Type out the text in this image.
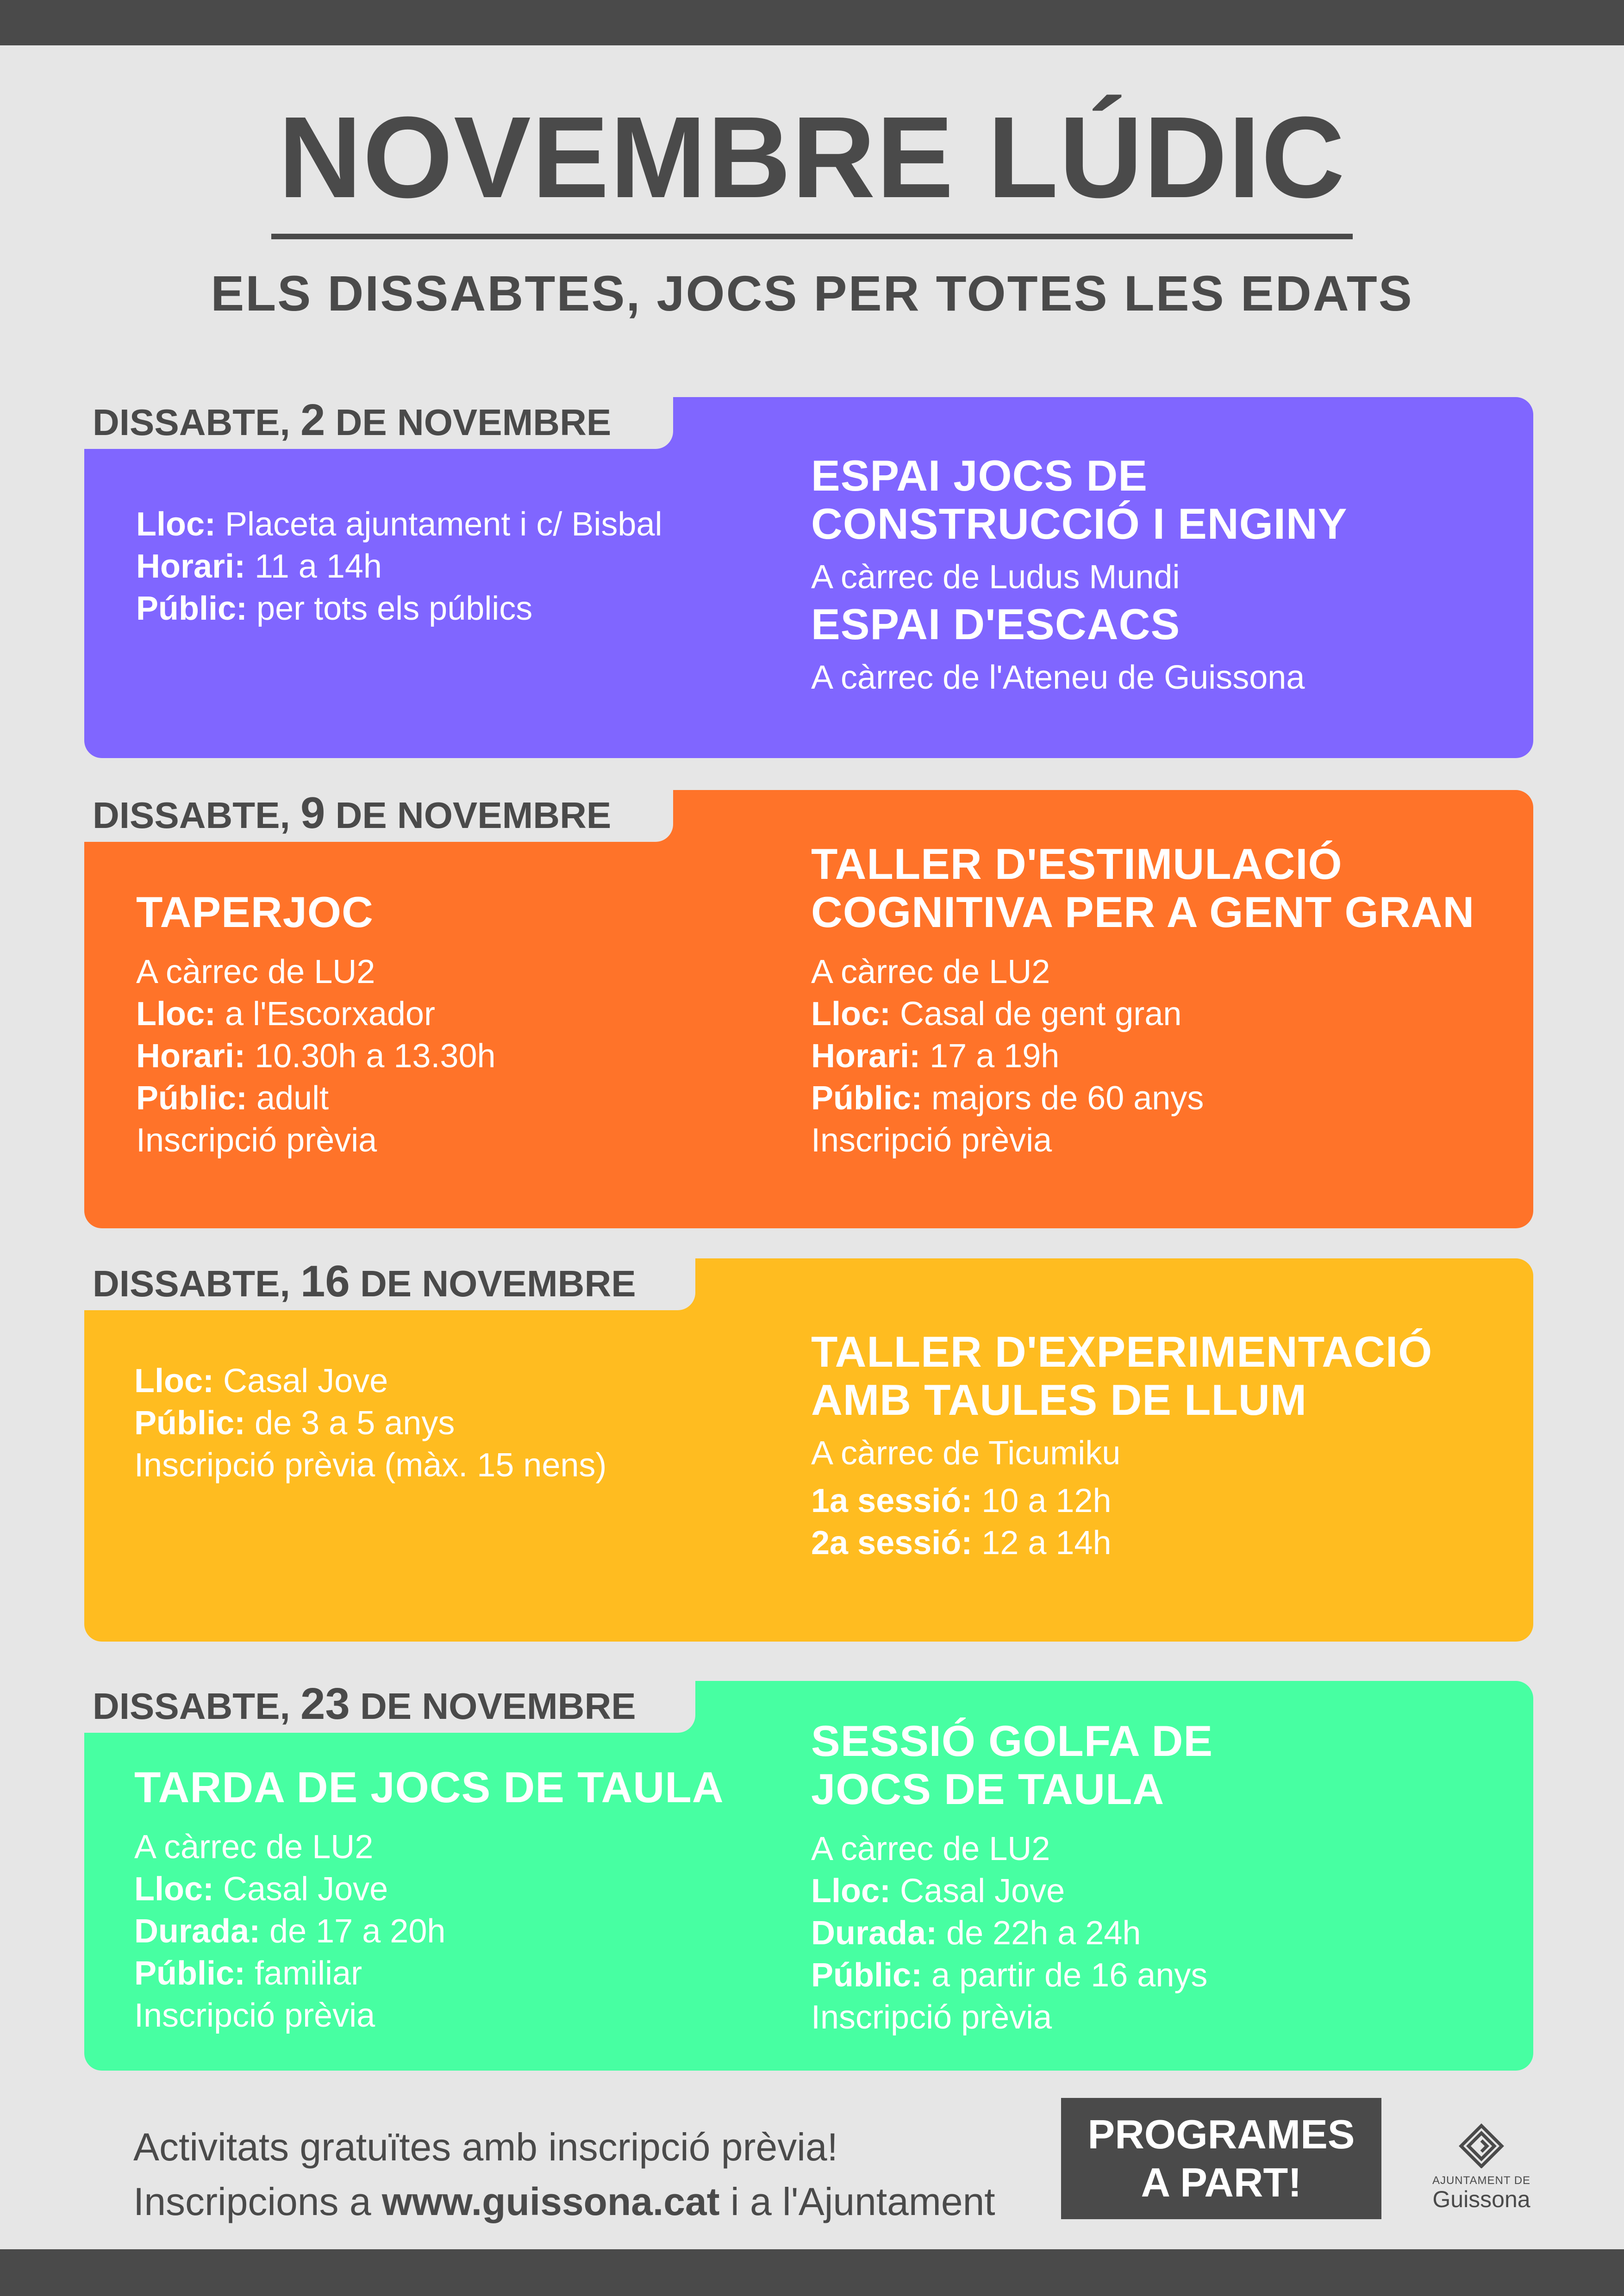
NOVEMBRE LÚDIC
ELS DISSABTES, JOCS PER TOTES LES EDATS
Lloc: Placeta ajuntament i c/ Bisbal
Horari: 11 a 14h
Públic: per tots els públics
ESPAI JOCS DE
CONSTRUCCIÓ I ENGINY
A càrrec de Ludus Mundi
ESPAI D'ESCACS
A càrrec de l'Ateneu de Guissona
DISSABTE, 2 DE NOVEMBRE
TAPERJOC
A càrrec de LU2
Lloc: a l'Escorxador
Horari: 10.30h a 13.30h
Públic: adult
Inscripció prèvia
TALLER D'ESTIMULACIÓ
COGNITIVA PER A GENT GRAN
A càrrec de LU2
Lloc: Casal de gent gran
Horari: 17 a 19h
Públic: majors de 60 anys
Inscripció prèvia
DISSABTE, 9 DE NOVEMBRE
Lloc: Casal Jove
Públic: de 3 a 5 anys
Inscripció prèvia (màx. 15 nens)
TALLER D'EXPERIMENTACIÓ
AMB TAULES DE LLUM
A càrrec de Ticumiku
1a sessió: 10 a 12h
2a sessió: 12 a 14h
DISSABTE, 16 DE NOVEMBRE
TARDA DE JOCS DE TAULA
A càrrec de LU2
Lloc: Casal Jove
Durada: de 17 a 20h
Públic: familiar
Inscripció prèvia
SESSIÓ GOLFA DE
JOCS DE TAULA
A càrrec de LU2
Lloc: Casal Jove
Durada: de 22h a 24h
Públic: a partir de 16 anys
Inscripció prèvia
DISSABTE, 23 DE NOVEMBRE
Activitats gratuïtes amb inscripció prèvia!
Inscripcions a www.guissona.cat i a l'Ajuntament
PROGRAMES
A PART!	AJUNTAMENT DE
Guissona
